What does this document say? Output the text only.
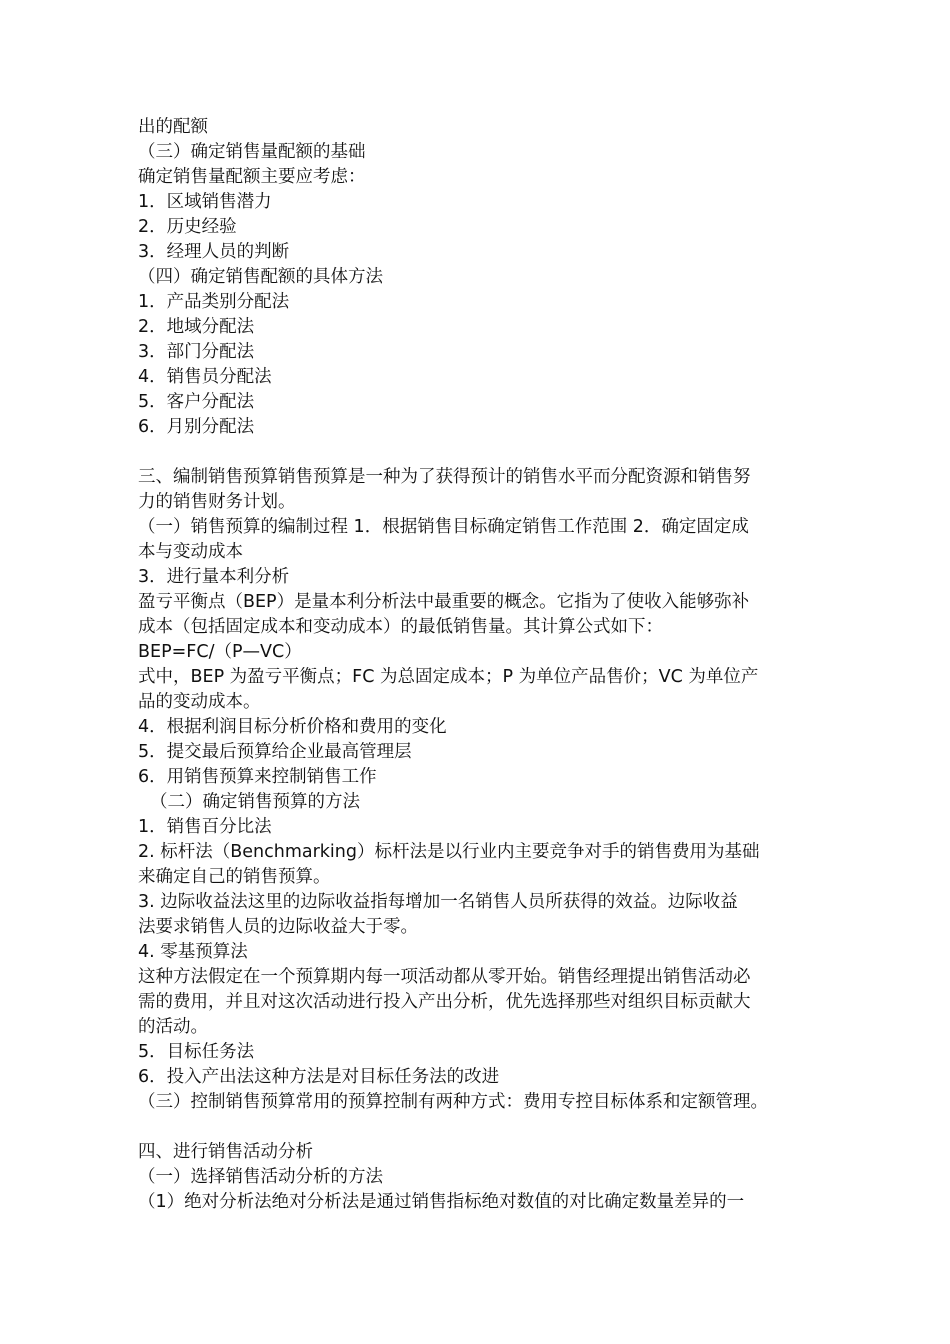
出的配额
（三）确定销售量配额的基础
确定销售量配额主要应考虑：
1．区域销售潜力
2．历史经验
3．经理人员的判断
（四）确定销售配额的具体方法
1．产品类别分配法
2．地域分配法
3．部门分配法
4．销售员分配法
5．客户分配法
6．月别分配法
三、编制销售预算销售预算是一种为了获得预计的销售水平而分配资源和销售努
力的销售财务计划。
（一）销售预算的编制过程 1．根据销售目标确定销售工作范围 2．确定固定成
本与变动成本
3．进行量本利分析
盈亏平衡点（BEP）是量本利分析法中最重要的概念。它指为了使收入能够弥补
成本（包括固定成本和变动成本）的最低销售量。其计算公式如下：
BEP=FC/（P—VC）
式中，BEP 为盈亏平衡点；FC 为总固定成本；P 为单位产品售价；VC 为单位产
品的变动成本。
4．根据利润目标分析价格和费用的变化
5．提交最后预算给企业最高管理层
6．用销售预算来控制销售工作
（二）确定销售预算的方法
1．销售百分比法
2. 标杆法（Benchmarking）标杆法是以行业内主要竞争对手的销售费用为基础
来确定自己的销售预算。
3. 边际收益法这里的边际收益指每增加一名销售人员所获得的效益。边际收益
法要求销售人员的边际收益大于零。
4. 零基预算法
这种方法假定在一个预算期内每一项活动都从零开始。销售经理提出销售活动必
需的费用，并且对这次活动进行投入产出分析，优先选择那些对组织目标贡献大
的活动。
5．目标任务法
6．投入产出法这种方法是对目标任务法的改进
（三）控制销售预算常用的预算控制有两种方式：费用专控目标体系和定额管理。
四、进行销售活动分析
（一）选择销售活动分析的方法
（1）绝对分析法绝对分析法是通过销售指标绝对数值的对比确定数量差异的一
